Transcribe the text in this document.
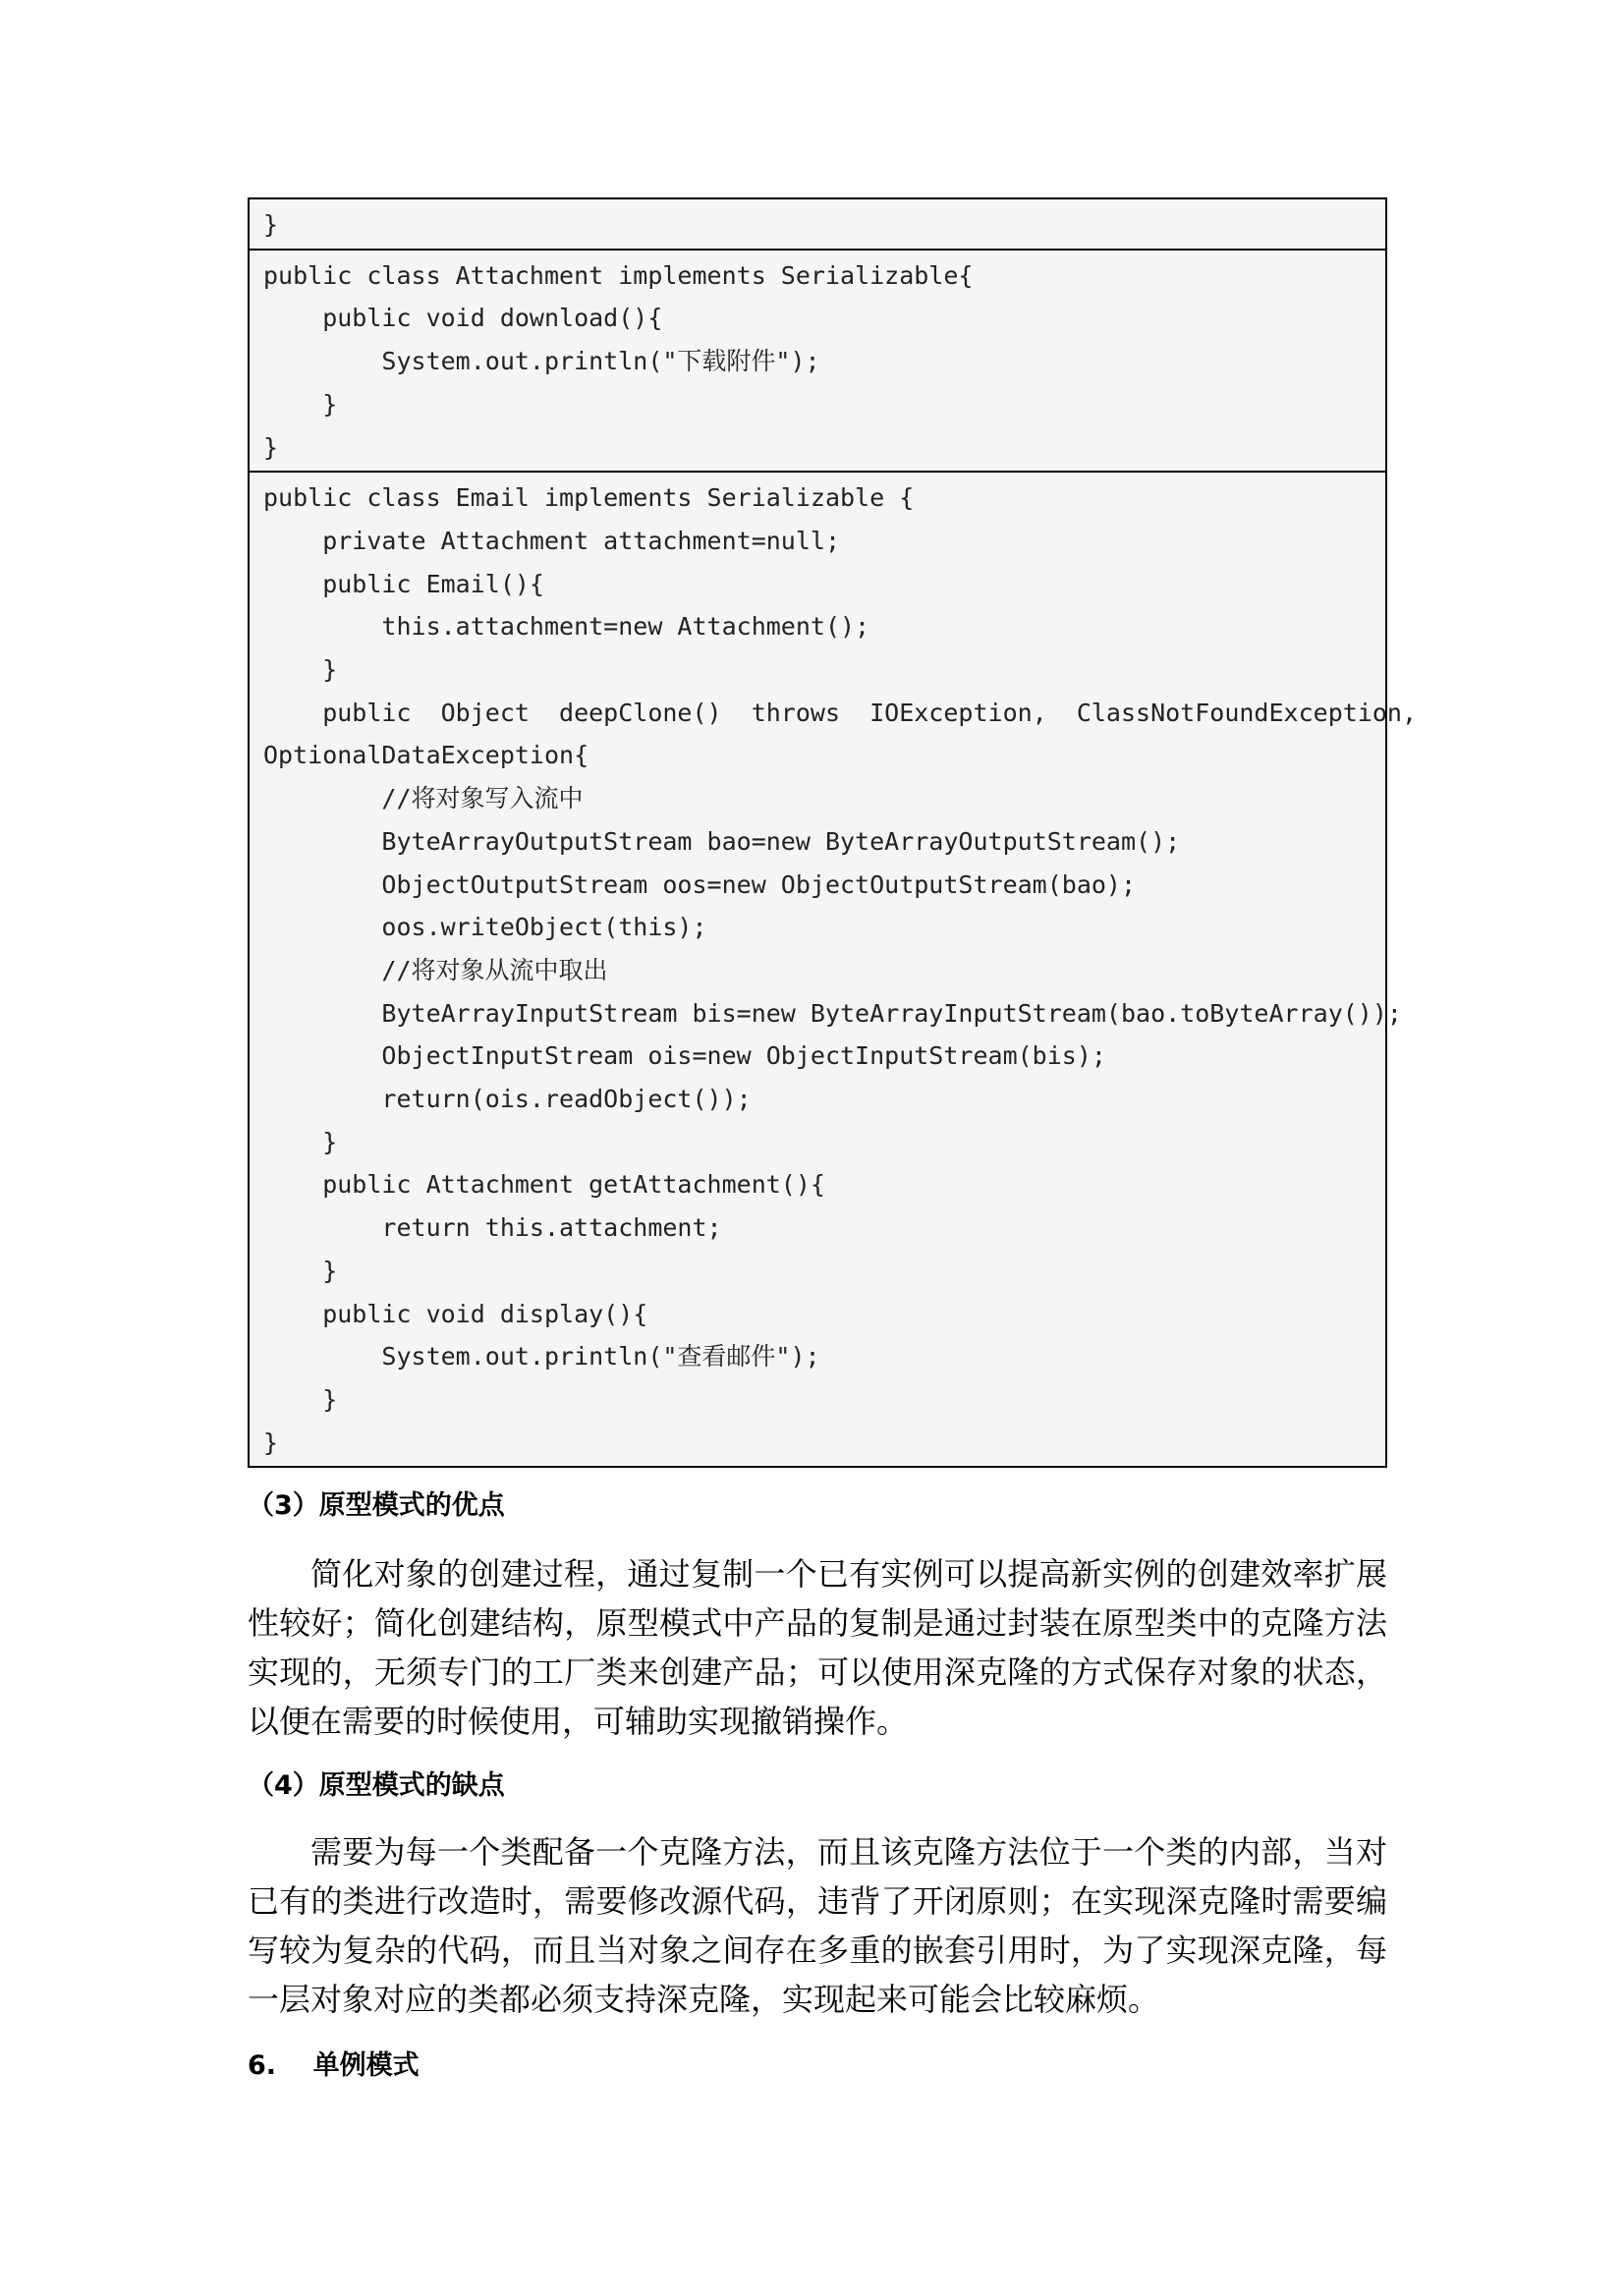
}
public class Attachment implements Serializable{
public void download(){
System.out.println("下载附件");
}
}
public class Email implements Serializable {
private Attachment attachment=null;
public Email(){
this.attachment=new Attachment();
}
public  Object  deepClone()  throws  IOException,  ClassNotFoundException,
OptionalDataException{
//将对象写入流中
ByteArrayOutputStream bao=new ByteArrayOutputStream();
ObjectOutputStream oos=new ObjectOutputStream(bao);
oos.writeObject(this);
//将对象从流中取出
ByteArrayInputStream bis=new ByteArrayInputStream(bao.toByteArray());
ObjectInputStream ois=new ObjectInputStream(bis);
return(ois.readObject());
}
public Attachment getAttachment(){
return this.attachment;
}
public void display(){
System.out.println("查看邮件");
}
}
（3）原型模式的优点

简化对象的创建过程，通过复制一个已有实例可以提高新实例的创建效率扩展性较好；简化创建结构，原型模式中产品的复制是通过封装在原型类中的克隆方法实现的，无须专门的工厂类来创建产品；可以使用深克隆的方式保存对象的状态，以便在需要的时候使用，可辅助实现撤销操作。

（4）原型模式的缺点

需要为每一个类配备一个克隆方法，而且该克隆方法位于一个类的内部，当对已有的类进行改造时，需要修改源代码，违背了开闭原则；在实现深克隆时需要编写较为复杂的代码，而且当对象之间存在多重的嵌套引用时，为了实现深克隆，每一层对象对应的类都必须支持深克隆，实现起来可能会比较麻烦。

6.    单例模式
